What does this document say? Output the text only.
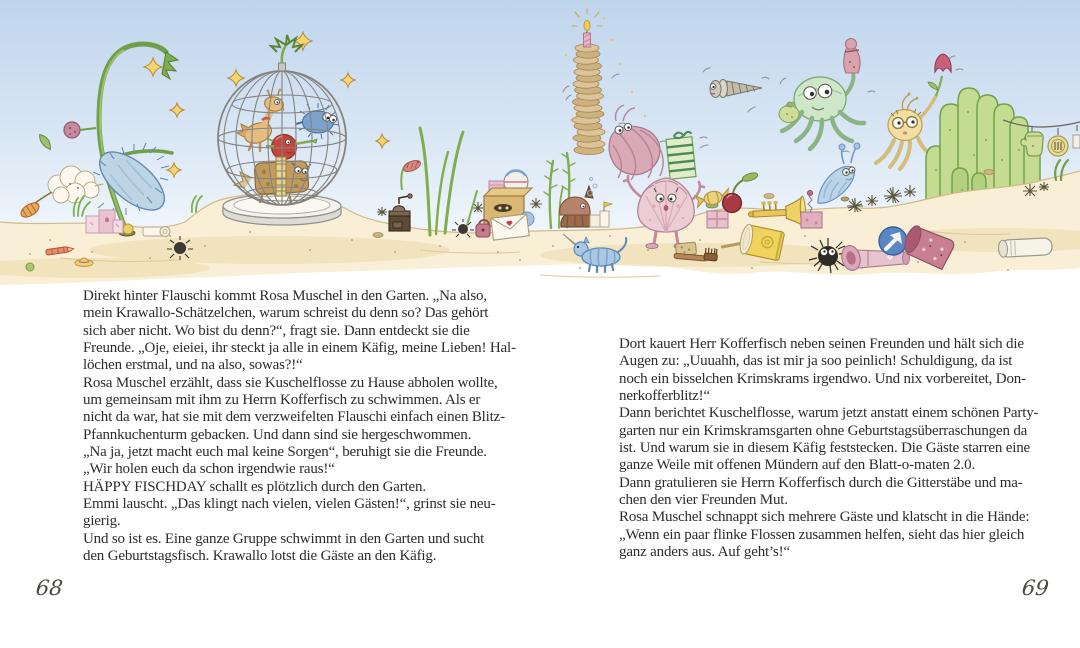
Direkt hinter Flauschi kommt Rosa Muschel in den Garten. „Na also,
mein Krawallo-Schätzelchen, warum schreist du denn so? Das gehört
sich aber nicht. Wo bist du denn?“, fragt sie. Dann entdeckt sie die
Freunde. „Oje, eieiei, ihr steckt ja alle in einem Käfig, meine Lieben! Hal-
löchen erstmal, und na also, sowas?!“
Rosa Muschel erzählt, dass sie Kuschelflosse zu Hause abholen wollte,
um gemeinsam mit ihm zu Herrn Kofferfisch zu schwimmen. Als er
nicht da war, hat sie mit dem verzweifelten Flauschi einfach einen Blitz-
Pfannkuchenturm gebacken. Und dann sind sie hergeschwommen.
„Na ja, jetzt macht euch mal keine Sorgen“, beruhigt sie die Freunde.
„Wir holen euch da schon irgendwie raus!“
HÄPPY FISCHDAY schallt es plötzlich durch den Garten.
Emmi lauscht. „Das klingt nach vielen, vielen Gästen!“, grinst sie neu-
gierig.
Und so ist es. Eine ganze Gruppe schwimmt in den Garten und sucht
den Geburtstagsfisch. Krawallo lotst die Gäste an den Käfig.
Dort kauert Herr Kofferfisch neben seinen Freunden und hält sich die
Augen zu: „Uuuahh, das ist mir ja soo peinlich! Schuldigung, da ist
noch ein bisselchen Krimskrams irgendwo. Und nix vorbereitet, Don-
nerkofferblitz!“
Dann berichtet Kuschelflosse, warum jetzt anstatt einem schönen Party-
garten nur ein Krimskramsgarten ohne Geburtstagsüberraschungen da
ist. Und warum sie in diesem Käfig feststecken. Die Gäste starren eine
ganze Weile mit offenen Mündern auf den Blatt-o-maten 2.0.
Dann gratulieren sie Herrn Kofferfisch durch die Gitterstäbe und ma-
chen den vier Freunden Mut.
Rosa Muschel schnappt sich mehrere Gäste und klatscht in die Hände:
„Wenn ein paar flinke Flossen zusammen helfen, sieht das hier gleich
ganz anders aus. Auf geht’s!“
68	69
